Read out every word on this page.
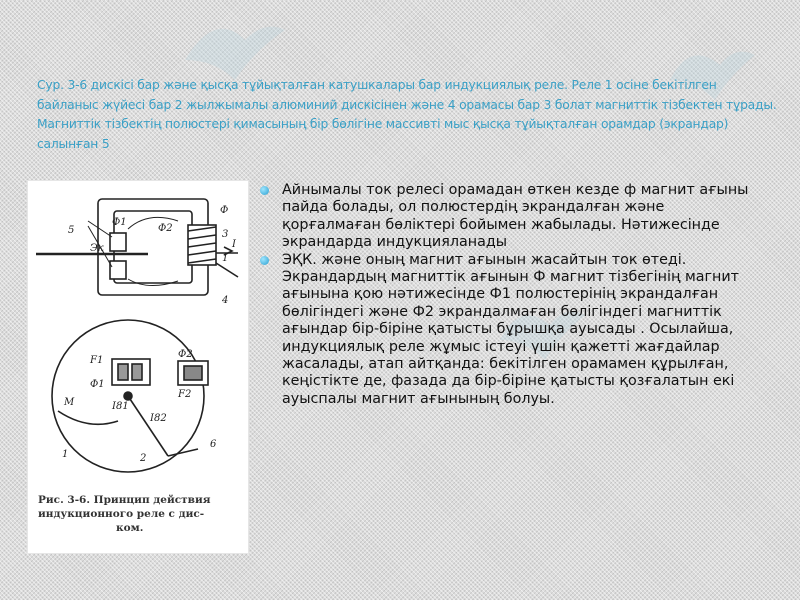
Сур. 3-6 дискісі бар және қысқа тұйықталған катушкалары бар индукциялық реле. Реле 1 осіне бекітілген байланыс жүйесі бар 2 жылжымалы алюминий дискісінен және 4 орамасы бар 3 болат магниттік тізбектен тұрады. Магниттік тізбектің полюстері қимасының бір бөлігіне массивті мыс қысқа тұйықталған орамдар (экрандар) салынған 5
5
Ф1
Ф2
Ф
3
1
4
Эк	I
Ф2
F1
Ф1
M
F2
I81
I82
1	2
6
Рис. 3-6. Принцип действия
индукционного реле с дис-
ком.

Айнымалы ток релесі орамадан өткен кезде ф магнит ағыны пайда болады, ол полюстердің экрандалған және қорғалмаған бөліктері бойымен жабылады. Нәтижесінде экрандарда индукцияланады

ЭҚК. және оның магнит ағынын жасайтын ток өтеді. Экрандардың магниттік ағынын Ф магнит тізбегінің магнит ағынына қою нәтижесінде Ф1 полюстерінің экрандалған бөлігіндегі және Ф2 экрандалмаған бөлігіндегі магниттік ағындар бір-біріне қатысты бұрышқа ауысады . Осылайша, индукциялық реле жұмыс істеуі үшін қажетті жағдайлар жасалады, атап айтқанда: бекітілген орамамен құрылған, кеңістікте де, фазада да бір-біріне қатысты қозғалатын екі ауыспалы магнит ағынының болуы.
